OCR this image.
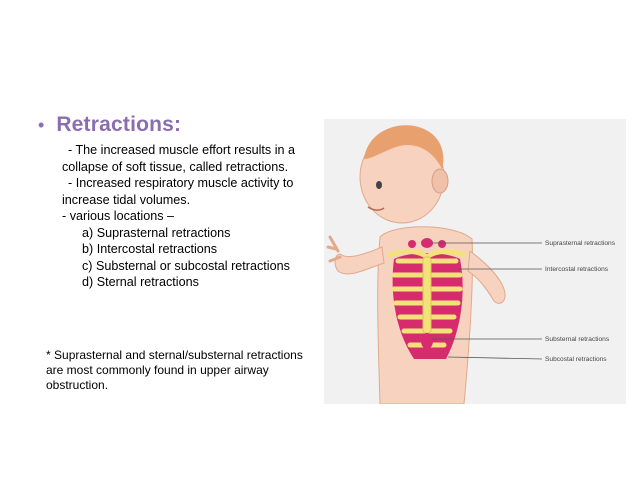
• Retractions:

- The increased muscle effort results in a collapse of soft tissue, called retractions.

- Increased respiratory muscle activity to increase tidal volumes.

- various locations –

a) Suprasternal retractions

b) Intercostal retractions

c) Substernal or subcostal retractions

d) Sternal retractions

* Suprasternal and sternal/substernal retractions are most commonly found in upper airway obstruction.
Suprasternal retractions
Intercostal retractions
Substernal retractions
Subcostal retractions
